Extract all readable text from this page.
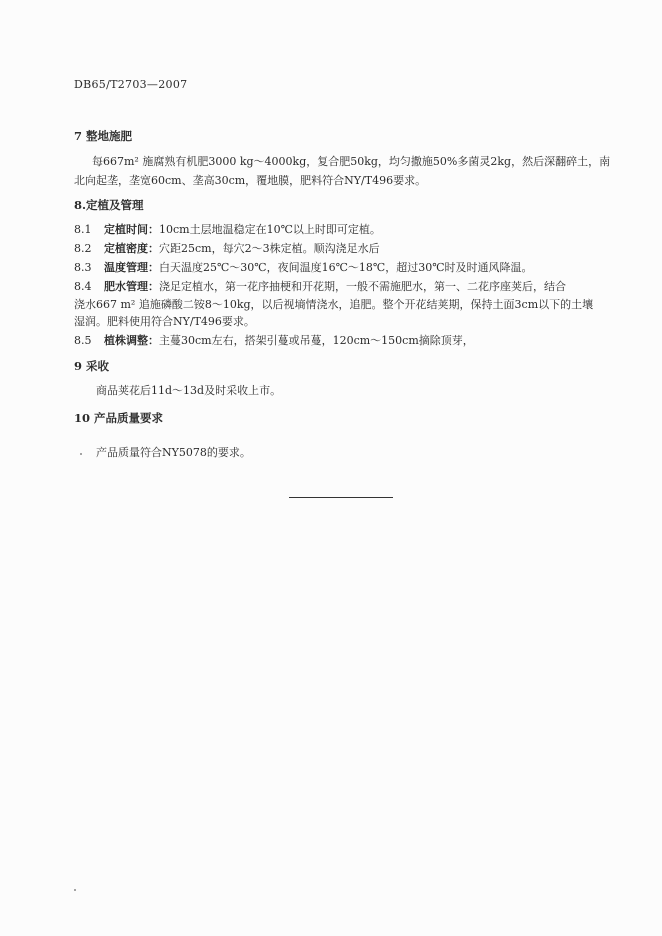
DB65/T2703—2007
7 整地施肥
每667m² 施腐熟有机肥3000 kg～4000kg，复合肥50kg，均匀撒施50%多菌灵2kg，然后深翻碎土，南
北向起垄，垄宽60cm、垄高30cm，覆地膜，肥料符合NY/T496要求。
8.定植及管理
8.1 定植时间：10cm土层地温稳定在10℃以上时即可定植。
8.2 定植密度：穴距25cm，每穴2～3株定植。顺沟浇足水后
8.3 温度管理：白天温度25℃～30℃，夜间温度16℃～18℃，超过30℃时及时通风降温。
8.4 肥水管理：浇足定植水，第一花序抽梗和开花期，一般不需施肥水，第一、二花序座荚后，结合
浇水667 m² 追施磷酸二铵8～10kg，以后视墒情浇水，追肥。整个开花结荚期，保持土面3cm以下的土壤
湿润。肥料使用符合NY/T496要求。
8.5 植株调整：主蔓30cm左右，搭架引蔓或吊蔓，120cm～150cm摘除顶芽，
9 采收
商品荚花后11d～13d及时采收上市。
10 产品质量要求
产品质量符合NY5078的要求。
